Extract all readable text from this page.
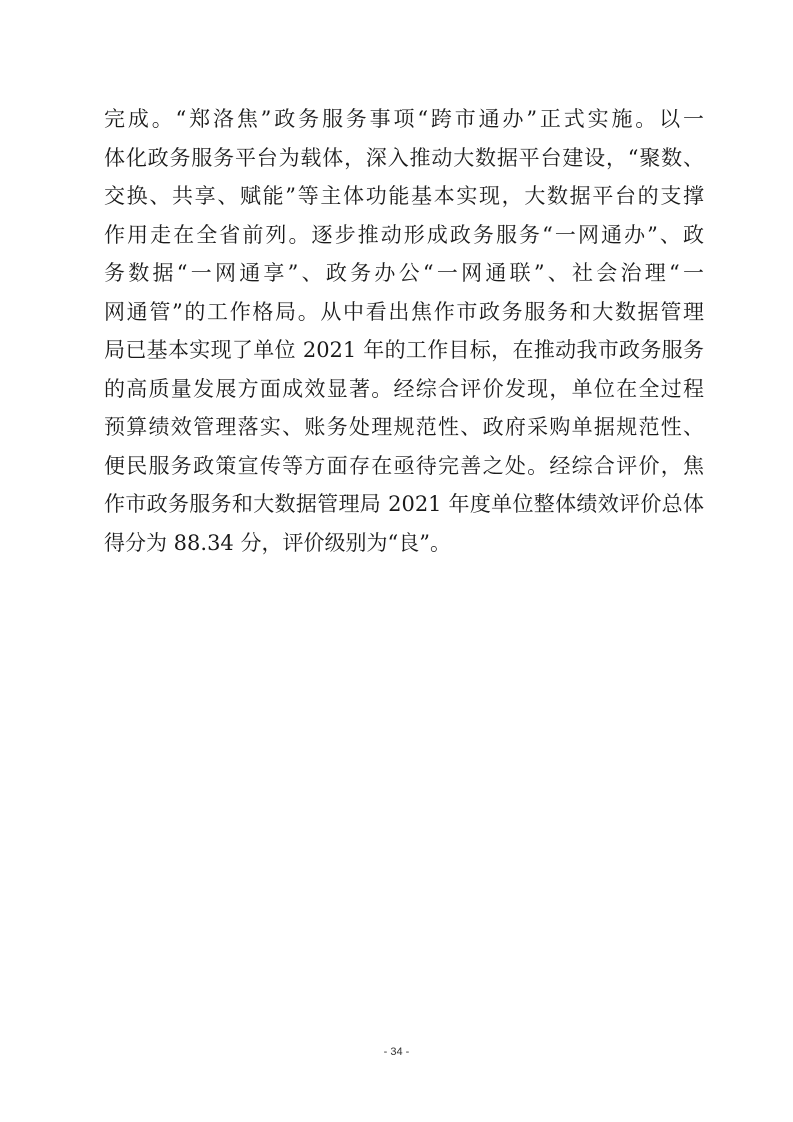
完成。“郑洛焦”政务服务事项“跨市通办”正式实施。以一
体化政务服务平台为载体，深入推动大数据平台建设，“聚数、
交换、共享、赋能”等主体功能基本实现，大数据平台的支撑
作用走在全省前列。逐步推动形成政务服务“一网通办”、政
务数据“一网通享”、政务办公“一网通联”、社会治理“一
网通管”的工作格局。从中看出焦作市政务服务和大数据管理
局已基本实现了单位 2021 年的工作目标，在推动我市政务服务
的高质量发展方面成效显著。经综合评价发现，单位在全过程
预算绩效管理落实、账务处理规范性、政府采购单据规范性、
便民服务政策宣传等方面存在亟待完善之处。经综合评价，焦
作市政务服务和大数据管理局 2021 年度单位整体绩效评价总体
得分为 88.34 分，评价级别为“良”。
- 34 -
